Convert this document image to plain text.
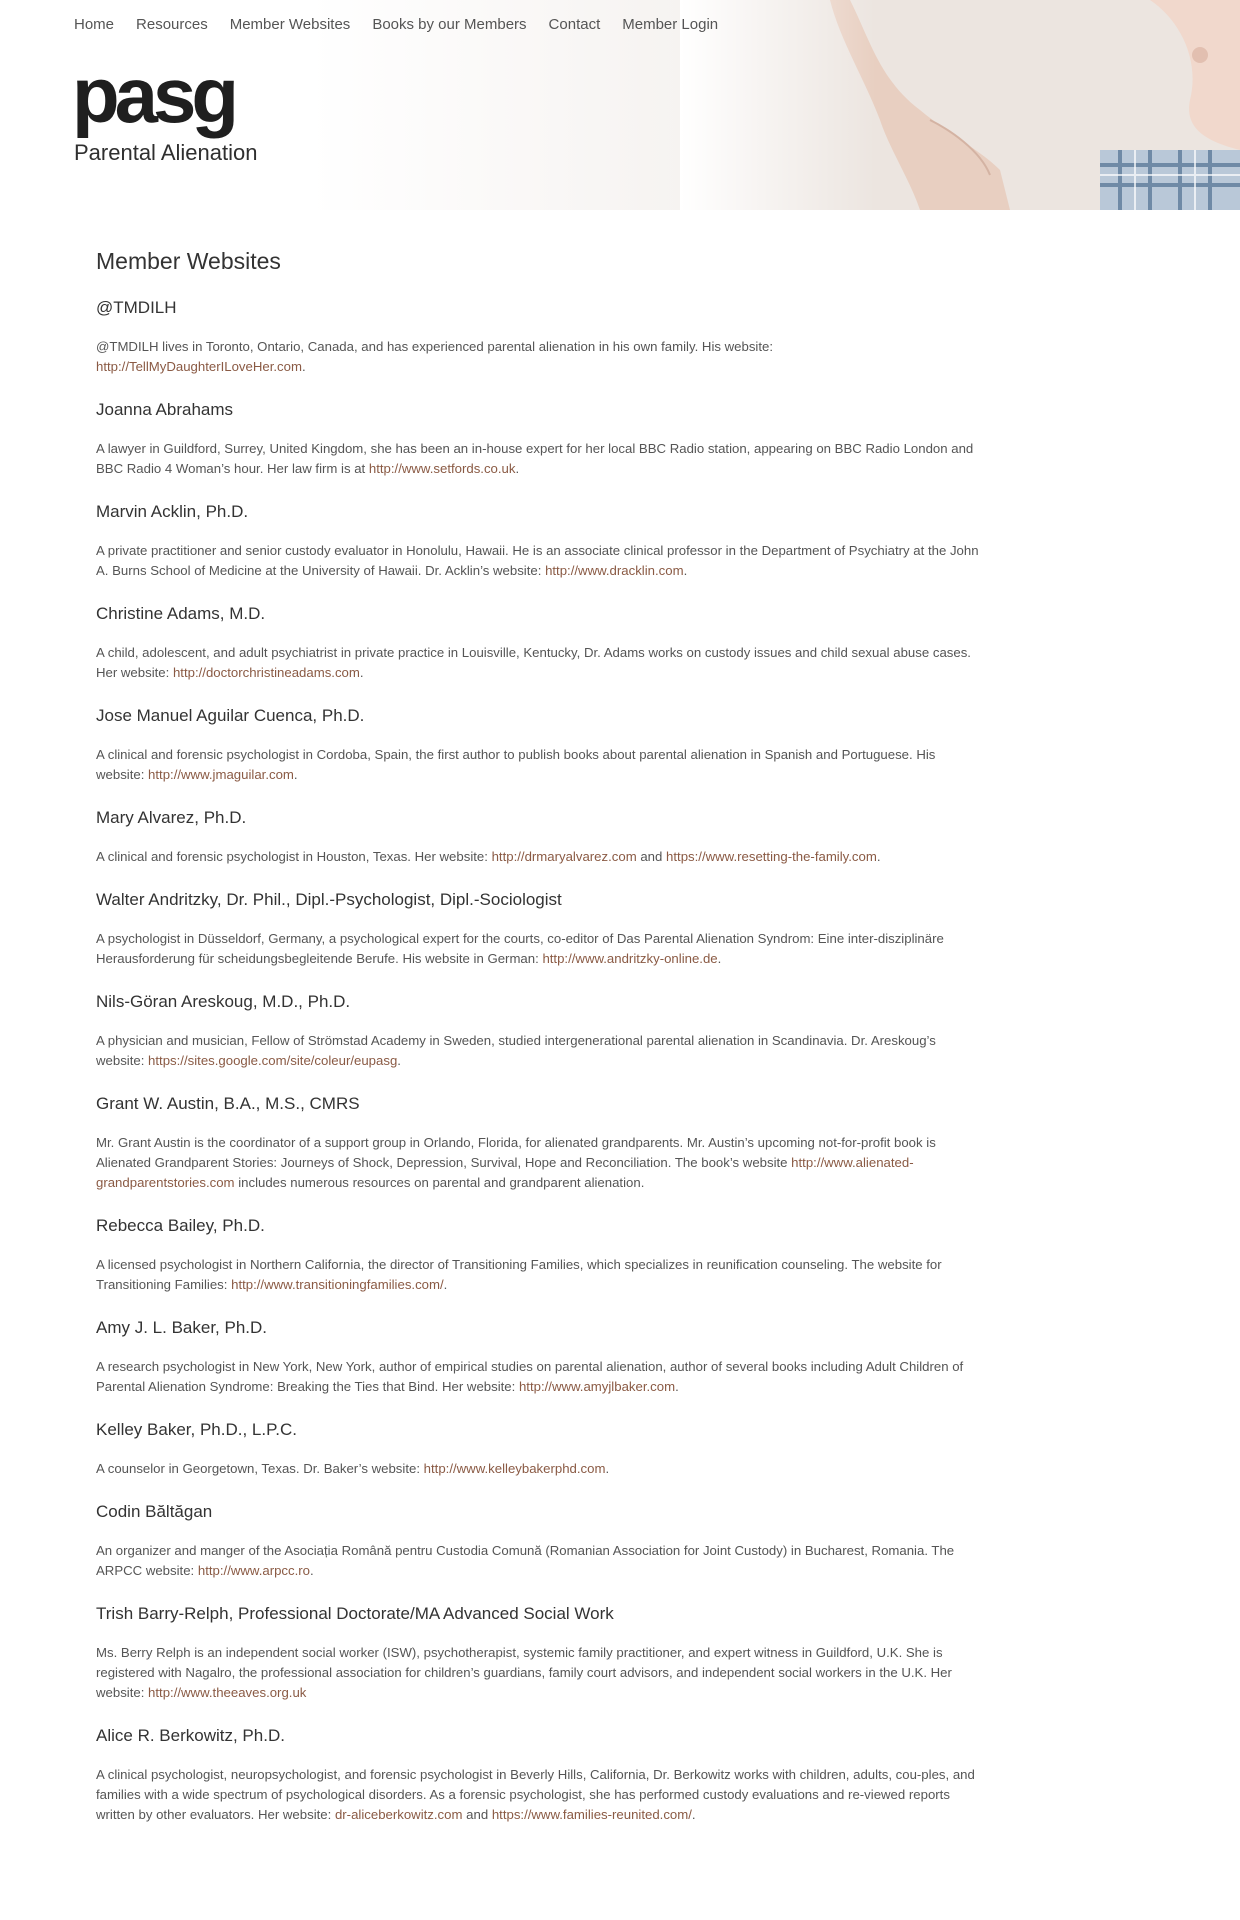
Home Resources Member Websites Books by our Members Contact Member Login
pasg
Parental Alienation
Member Websites
@TMDILH

@TMDILH lives in Toronto, Ontario, Canada, and has experienced parental alienation in his own family. His website: http://TellMyDaughterILoveHer.com.

Joanna Abrahams

A lawyer in Guildford, Surrey, United Kingdom, she has been an in-house expert for her local BBC Radio station, appearing on BBC Radio London and BBC Radio 4 Woman’s hour. Her law firm is at http://www.setfords.co.uk.

Marvin Acklin, Ph.D.

A private practitioner and senior custody evaluator in Honolulu, Hawaii. He is an associate clinical professor in the Department of Psychiatry at the John A. Burns School of Medicine at the University of Hawaii. Dr. Acklin’s website: http://www.dracklin.com.

Christine Adams, M.D.

A child, adolescent, and adult psychiatrist in private practice in Louisville, Kentucky, Dr. Adams works on custody issues and child sexual abuse cases. Her website: http://doctorchristineadams.com.

Jose Manuel Aguilar Cuenca, Ph.D.

A clinical and forensic psychologist in Cordoba, Spain, the first author to publish books about parental alienation in Spanish and Portuguese. His website: http://www.jmaguilar.com.

Mary Alvarez, Ph.D.

A clinical and forensic psychologist in Houston, Texas. Her website: http://drmaryalvarez.com and https://www.resetting-the-family.com.

Walter Andritzky, Dr. Phil., Dipl.-Psychologist, Dipl.-Sociologist

A psychologist in Düsseldorf, Germany, a psychological expert for the courts, co-editor of Das Parental Alienation Syndrom: Eine inter-disziplinäre Herausforderung für scheidungsbegleitende Berufe. His website in German: http://www.andritzky-online.de.

Nils-Göran Areskoug, M.D., Ph.D.

A physician and musician, Fellow of Strömstad Academy in Sweden, studied intergenerational parental alienation in Scandinavia. Dr. Areskoug’s website: https://sites.google.com/site/coleur/eupasg.

Grant W. Austin, B.A., M.S., CMRS

Mr. Grant Austin is the coordinator of a support group in Orlando, Florida, for alienated grandparents. Mr. Austin’s upcoming not-for-profit book is Alienated Grandparent Stories: Journeys of Shock, Depression, Survival, Hope and Reconciliation. The book’s website http://www.alienated-grandparentstories.com includes numerous resources on parental and grandparent alienation.

Rebecca Bailey, Ph.D.

A licensed psychologist in Northern California, the director of Transitioning Families, which specializes in reunification counseling. The website for Transitioning Families: http://www.transitioningfamilies.com/.

Amy J. L. Baker, Ph.D.

A research psychologist in New York, New York, author of empirical studies on parental alienation, author of several books including Adult Children of Parental Alienation Syndrome: Breaking the Ties that Bind. Her website: http://www.amyjlbaker.com.

Kelley Baker, Ph.D., L.P.C.

A counselor in Georgetown, Texas. Dr. Baker’s website: http://www.kelleybakerphd.com.

Codin Băltăgan

An organizer and manger of the Asociația Română pentru Custodia Comună (Romanian Association for Joint Custody) in Bucharest, Romania. The ARPCC website: http://www.arpcc.ro.

Trish Barry-Relph, Professional Doctorate/MA Advanced Social Work

Ms. Berry Relph is an independent social worker (ISW), psychotherapist, systemic family practitioner, and expert witness in Guildford, U.K. She is registered with Nagalro, the professional association for children’s guardians, family court advisors, and independent social workers in the U.K. Her website: http://www.theeaves.org.uk

Alice R. Berkowitz, Ph.D.

A clinical psychologist, neuropsychologist, and forensic psychologist in Beverly Hills, California, Dr. Berkowitz works with children, adults, cou-ples, and families with a wide spectrum of psychological disorders. As a forensic psychologist, she has performed custody evaluations and re-viewed reports written by other evaluators. Her website: dr-aliceberkowitz.com and https://www.families-reunited.com/.
